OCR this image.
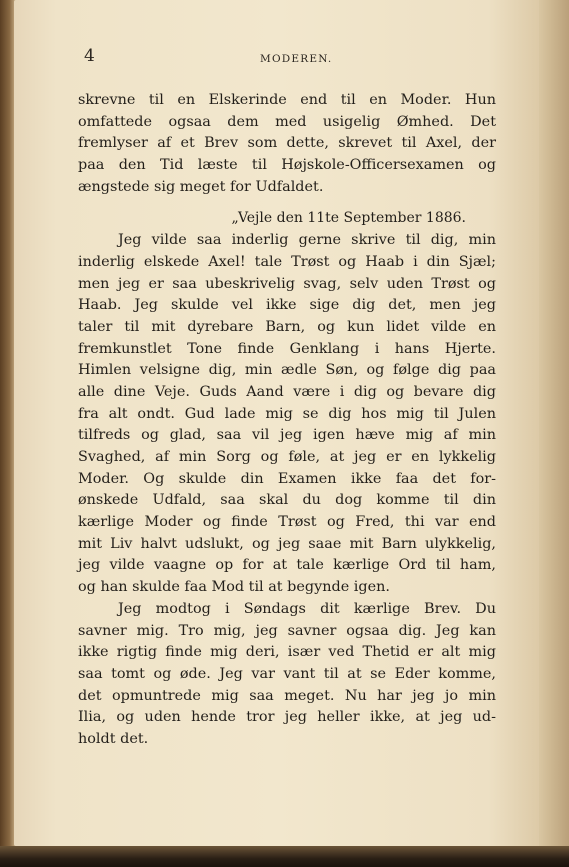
4	MODEREN.
skrevne til en Elskerinde end til en Moder. Hun
omfattede ogsaa dem med usigelig Ømhed. Det
fremlyser af et Brev som dette, skrevet til Axel, der
paa den Tid læste til Højskole-Officersexamen og
ængstede sig meget for Udfaldet.
„Vejle den 11te September 1886.
Jeg vilde saa inderlig gerne skrive til dig, min
inderlig elskede Axel! tale Trøst og Haab i din Sjæl;
men jeg er saa ubeskrivelig svag, selv uden Trøst og
Haab. Jeg skulde vel ikke sige dig det, men jeg
taler til mit dyrebare Barn, og kun lidet vilde en
fremkunstlet Tone finde Genklang i hans Hjerte.
Himlen velsigne dig, min ædle Søn, og følge dig paa
alle dine Veje. Guds Aand være i dig og bevare dig
fra alt ondt. Gud lade mig se dig hos mig til Julen
tilfreds og glad, saa vil jeg igen hæve mig af min
Svaghed, af min Sorg og føle, at jeg er en lykkelig
Moder. Og skulde din Examen ikke faa det for-
ønskede Udfald, saa skal du dog komme til din
kærlige Moder og finde Trøst og Fred, thi var end
mit Liv halvt udslukt, og jeg saae mit Barn ulykkelig,
jeg vilde vaagne op for at tale kærlige Ord til ham,
og han skulde faa Mod til at begynde igen.
Jeg modtog i Søndags dit kærlige Brev. Du
savner mig. Tro mig, jeg savner ogsaa dig. Jeg kan
ikke rigtig finde mig deri, især ved Thetid er alt mig
saa tomt og øde. Jeg var vant til at se Eder komme,
det opmuntrede mig saa meget. Nu har jeg jo min
Ilia, og uden hende tror jeg heller ikke, at jeg ud-
holdt det.
